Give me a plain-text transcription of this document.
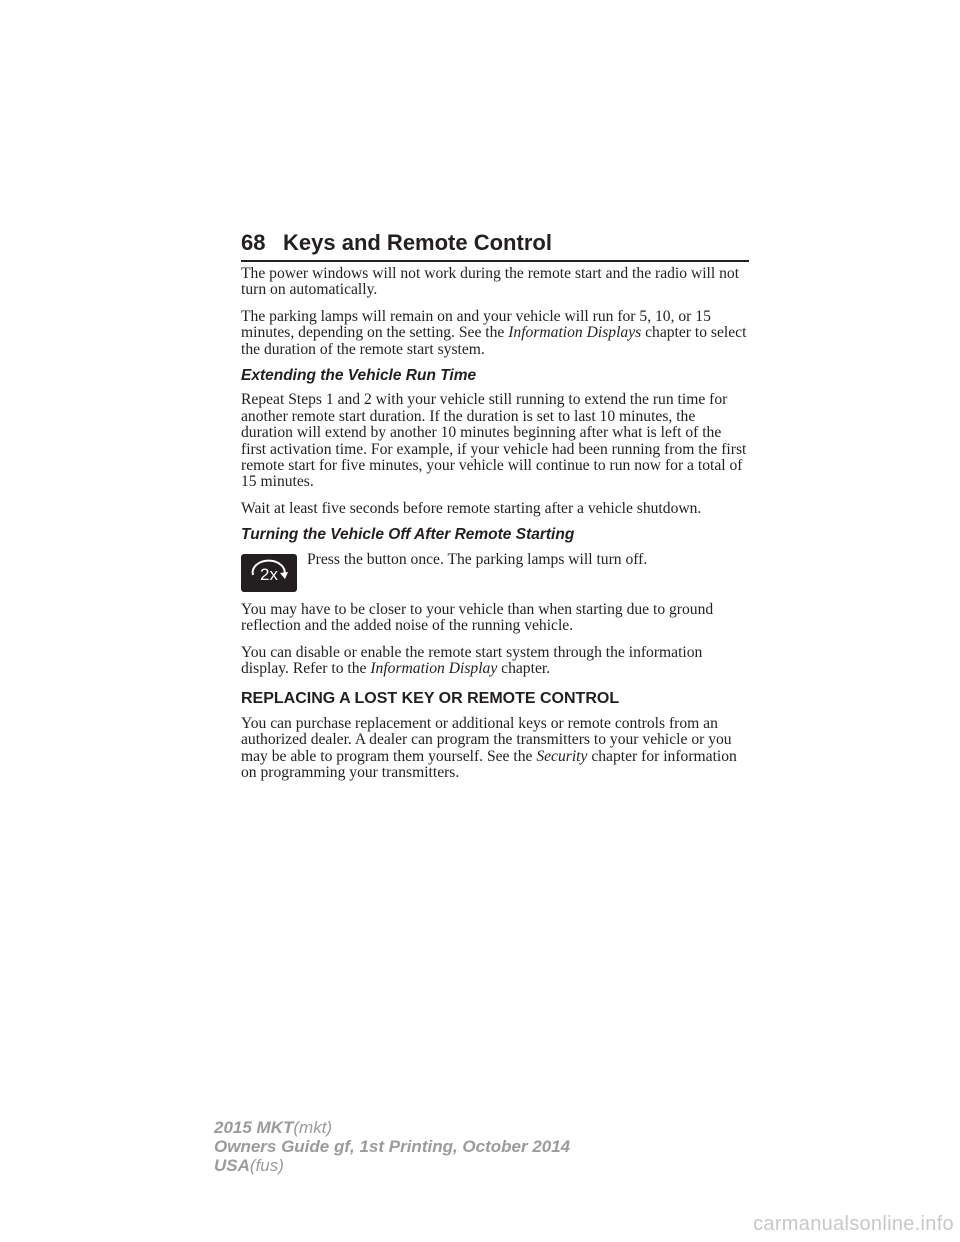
68 Keys and Remote Control

The power windows will not work during the remote start and the radio will not turn on automatically.

The parking lamps will remain on and your vehicle will run for 5, 10, or 15 minutes, depending on the setting. See the Information Displays chapter to select the duration of the remote start system.

Extending the Vehicle Run Time

Repeat Steps 1 and 2 with your vehicle still running to extend the run time for another remote start duration. If the duration is set to last 10 minutes, the duration will extend by another 10 minutes beginning after what is left of the first activation time. For example, if your vehicle had been running from the first remote start for five minutes, your vehicle will continue to run now for a total of 15 minutes.

Wait at least five seconds before remote starting after a vehicle shutdown.

Turning the Vehicle Off After Remote Starting
2x
Press the button once. The parking lamps will turn off.

You may have to be closer to your vehicle than when starting due to ground reflection and the added noise of the running vehicle.

You can disable or enable the remote start system through the information display. Refer to the Information Display chapter.

REPLACING A LOST KEY OR REMOTE CONTROL

You can purchase replacement or additional keys or remote controls from an authorized dealer. A dealer can program the transmitters to your vehicle or you may be able to program them yourself. See the Security chapter for information on programming your transmitters.

2015 MKT(mkt)
Owners Guide gf, 1st Printing, October 2014
USA(fus)
carmanualsonline.info
